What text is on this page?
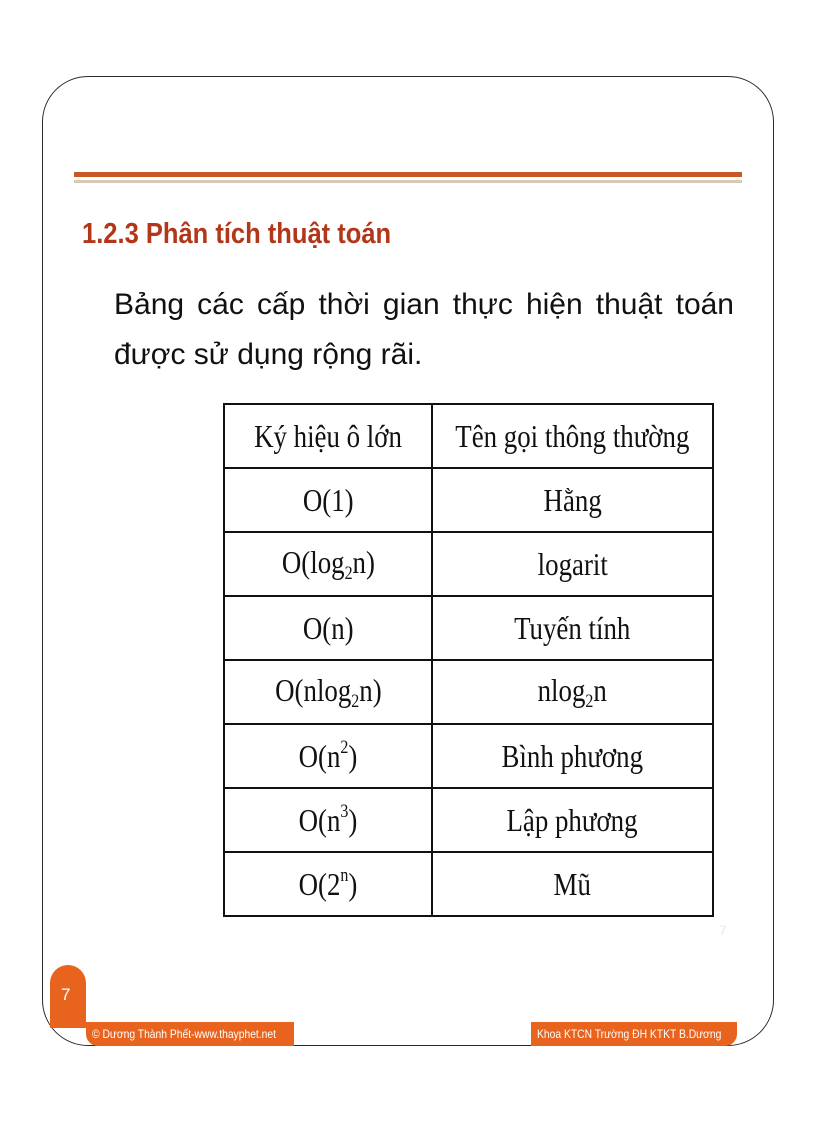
1.2.3 Phân tích thuật toán

Bảng các cấp thời gian thực hiện thuật toán được sử dụng rộng rãi.

Ký hiệu ô lớn	Tên gọi thông thường
O(1)	Hằng
$O(\log_2n)$	logarit
O(n)	Tuyến tính
O(nlog$_2$n)	nlog$_2$n
$O(n^2)$	Bình phương
$O(n^3)$	Lập phương
O(2$^n$)	Mũ
7
7
© Dương Thành Phết-www.thayphet.net	Khoa KTCN Trường ĐH KTKT B.Dương
